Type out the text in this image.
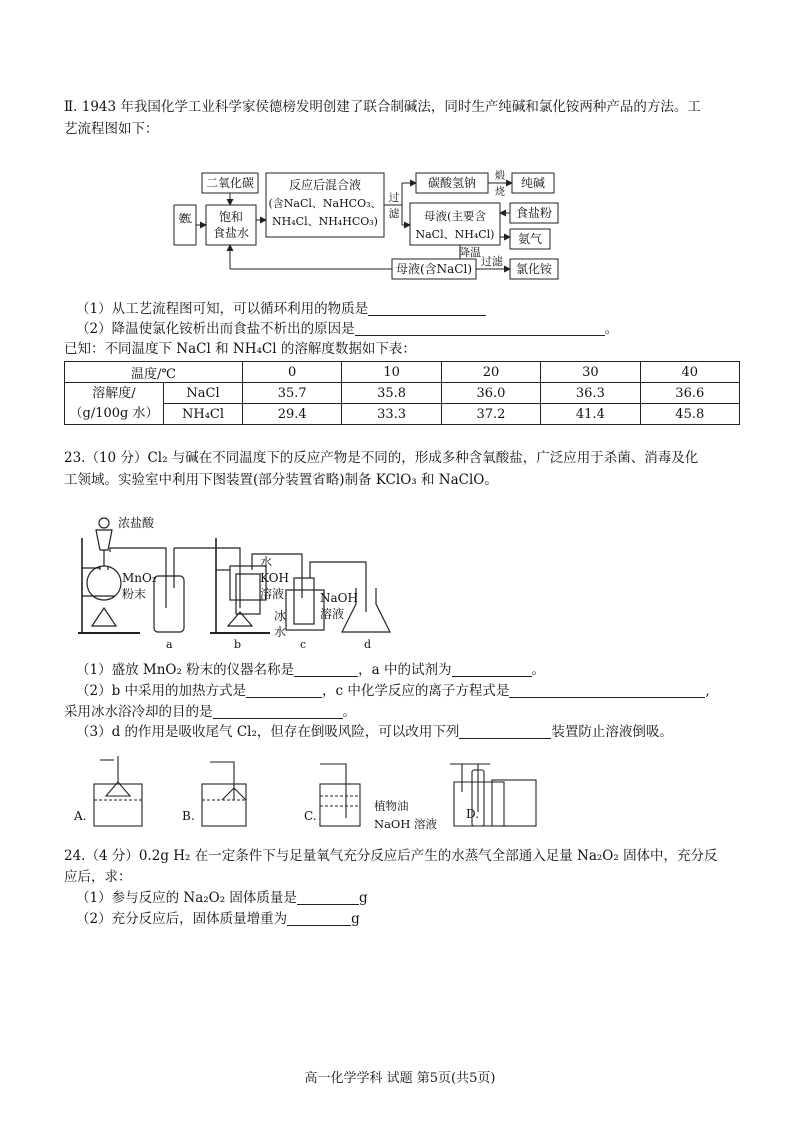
Ⅱ. 1943 年我国化学工业科学家侯德榜发明创建了联合制碱法，同时生产纯碱和氯化铵两种产品的方法。工
艺流程图如下：
二氧化碳
氨气 饱和
食盐水
反应后混合液
(含NaCl、NaHCO₃、
NH₄Cl、NH₄HCO₃)
过
滤
碳酸氢钠 煅
烧
纯碱
母液(主要含
NaCl、NH₄Cl)
食盐粉
氨气
降温
过滤
母液(含NaCl)	氯化铵
（1）从工艺流程图可知，可以循环利用的物质是
（2）降温使氯化铵析出而食盐不析出的原因是	。
已知：不同温度下 NaCl 和 NH₄Cl 的溶解度数据如下表：
温度/℃		0	10	20	30	40
溶解度/
（g/100g 水）	NaCl	35.7	35.8	36.0	36.3	36.6
	NH₄Cl	29.4	33.3	37.2	41.4	45.8
23.（10 分）Cl₂ 与碱在不同温度下的反应产物是不同的，形成多种含氧酸盐，广泛应用于杀菌、消毒及化
工领域。实验室中利用下图装置(部分装置省略)制备 KClO₃ 和 NaClO。
浓盐酸
MnO₂
粉末
水
KOH
溶液	NaOH
溶液
冰
水
a	b	c	d
（1）盛放 MnO₂ 粉末的仪器名称是	，a 中的试剂为	。
（2）b 中采用的加热方式是	，c 中化学反应的离子方程式是	,
采用冰水浴冷却的目的是	。
（3）d 的作用是吸收尾气 Cl₂，但存在倒吸风险，可以改用下列	装置防止溶液倒吸。
A.	B.	C.
植物油
NaOH 溶液
D.
24.（4 分）0.2g H₂ 在一定条件下与足量氧气充分反应后产生的水蒸气全部通入足量 Na₂O₂ 固体中，充分反
应后，求：
（1）参与反应的 Na₂O₂ 固体质量是	g
（2）充分反应后，固体质量增重为	g
高一化学学科 试题 第5页(共5页)
